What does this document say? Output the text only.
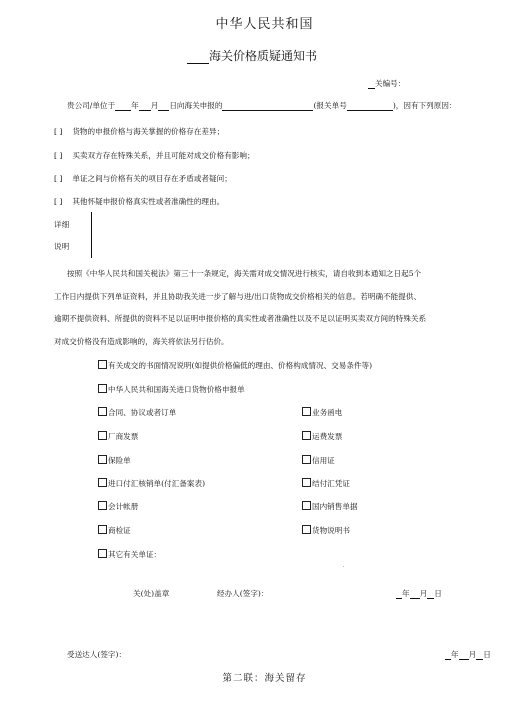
中华人民共和国
海关价格质疑通知书
关编号：
贵公司/单位于 年 月 日向海关申报的	(报关单号	)，因有下列原因：
[ ] 货物的申报价格与海关掌握的价格存在差异；
[ ] 买卖双方存在特殊关系，并且可能对成交价格有影响；
[ ] 单证之间与价格有关的项目存在矛盾或者疑问；
[ ] 其他怀疑申报价格真实性或者准确性的理由。
详细
说明
按照《中华人民共和国关税法》第三十一条规定，海关需对成交情况进行核实，请自收到本通知之日起5个
工作日内提供下列单证资料，并且协助我关进一步了解与进/出口货物成交价格相关的信息。若明确不能提供、
逾期不提供资料、所提供的资料不足以证明申报价格的真实性或者准确性以及不足以证明买卖双方间的特殊关系
对成交价格没有造成影响的，海关将依法另行估价。
有关成交的书面情况说明(如提供价格偏低的理由、价格构成情况、交易条件等)
中华人民共和国海关进口货物价格申报单
合同、协议或者订单	业务函电
厂商发票	运费发票
保险单	信用证
进口付汇核销单(付汇备案表)	结付汇凭证
会计帐册	国内销售单据
商检证	货物说明书
其它有关单证：
关(处)盖章	经办人(签字)：	年 月 日
受送达人(签字)：	年 月 日
第二联：海关留存
